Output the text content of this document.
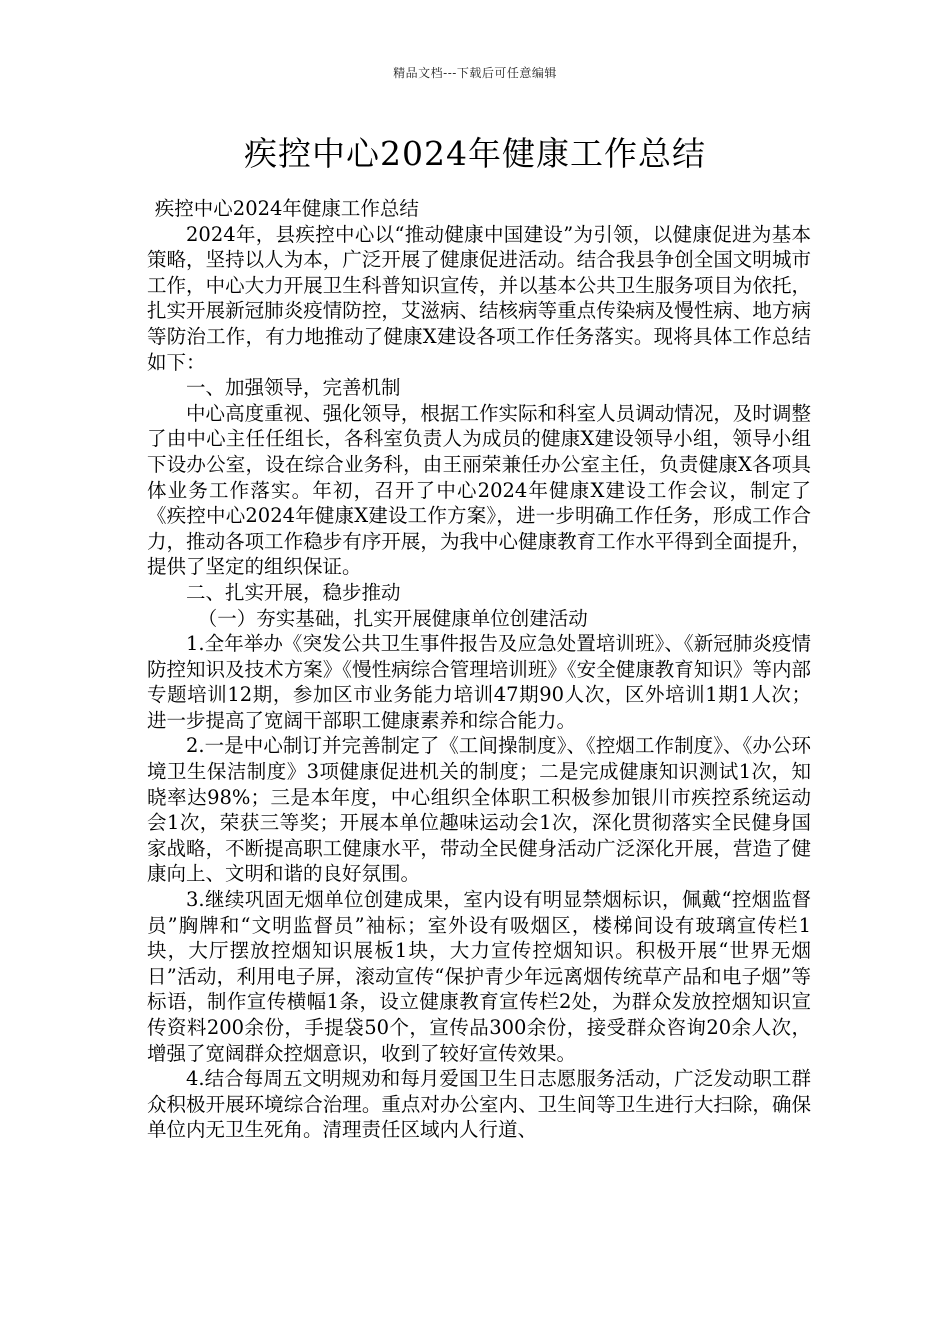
精品文档---下载后可任意编辑
疾控中心2024年健康工作总结

疾控中心2024年健康工作总结

2024年，县疾控中心以“推动健康中国建设”为引领，以健康促进为基本策略，坚持以人为本，广泛开展了健康促进活动。结合我县争创全国文明城市工作，中心大力开展卫生科普知识宣传，并以基本公共卫生服务项目为依托，扎实开展新冠肺炎疫情防控，艾滋病、结核病等重点传染病及慢性病、地方病等防治工作，有力地推动了健康X建设各项工作任务落实。现将具体工作总结如下：

一、加强领导，完善机制

中心高度重视、强化领导，根据工作实际和科室人员调动情况，及时调整了由中心主任任组长，各科室负责人为成员的健康X建设领导小组，领导小组下设办公室，设在综合业务科，由王丽荣兼任办公室主任，负责健康X各项具体业务工作落实。年初，召开了中心2024年健康X建设工作会议，制定了《疾控中心2024年健康X建设工作方案》，进一步明确工作任务，形成工作合力，推动各项工作稳步有序开展，为我中心健康教育工作水平得到全面提升，提供了坚定的组织保证。

二、扎实开展，稳步推动

（一）夯实基础，扎实开展健康单位创建活动

1.全年举办《突发公共卫生事件报告及应急处置培训班》、《新冠肺炎疫情防控知识及技术方案》《慢性病综合管理培训班》《安全健康教育知识》等内部专题培训12期，参加区市业务能力培训47期90人次，区外培训1期1人次；进一步提高了宽阔干部职工健康素养和综合能力。

2.一是中心制订并完善制定了《工间操制度》、《控烟工作制度》、《办公环境卫生保洁制度》3项健康促进机关的制度；二是完成健康知识测试1次，知晓率达98%；三是本年度，中心组织全体职工积极参加银川市疾控系统运动会1次，荣获三等奖；开展本单位趣味运动会1次，深化贯彻落实全民健身国家战略，不断提高职工健康水平，带动全民健身活动广泛深化开展，营造了健康向上、文明和谐的良好氛围。

3.继续巩固无烟单位创建成果，室内设有明显禁烟标识，佩戴“控烟监督员”胸牌和“文明监督员”袖标；室外设有吸烟区，楼梯间设有玻璃宣传栏1块，大厅摆放控烟知识展板1块，大力宣传控烟知识。积极开展“世界无烟日”活动，利用电子屏，滚动宣传“保护青少年远离烟传统草产品和电子烟”等标语，制作宣传横幅1条，设立健康教育宣传栏2处，为群众发放控烟知识宣传资料200余份，手提袋50个，宣传品300余份，接受群众咨询20余人次，增强了宽阔群众控烟意识，收到了较好宣传效果。

4.结合每周五文明规劝和每月爱国卫生日志愿服务活动，广泛发动职工群众积极开展环境综合治理。重点对办公室内、卫生间等卫生进行大扫除，确保单位内无卫生死角。清理责任区域内人行道、
